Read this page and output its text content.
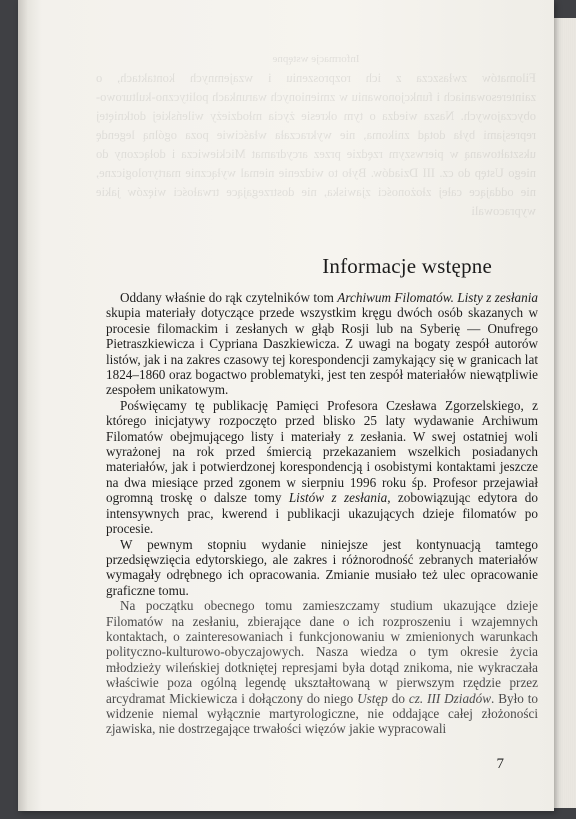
Informacje wstępne
Filomatów zwłaszcza z ich rozproszeniu i wzajemnych kontaktach, o zainteresowaniach i funkcjonowaniu w zmienionych warunkach polityczno-kulturowo-obyczajowych. Nasza wiedza o tym okresie życia młodzieży wileńskiej dotkniętej represjami była dotąd znikoma, nie wykraczała właściwie poza ogólną legendę ukształtowaną w pierwszym rzędzie przez arcydramat Mickiewicza i dołączony do niego Ustęp do cz. III Dziadów. Było to widzenie niemal wyłącznie martyrologiczne, nie oddające całej złożoności zjawiska, nie dostrzegające trwałości więzów jakie wypracowali
Informacje wstępne

Oddany właśnie do rąk czytelników tom Archiwum Filomatów. Listy z zesłania skupia materiały dotyczące przede wszystkim kręgu dwóch osób skazanych w procesie filomackim i zesłanych w głąb Rosji lub na Syberię — Onufrego Pietraszkiewicza i Cypriana Daszkiewicza. Z uwagi na bogaty zespół autorów listów, jak i na zakres czasowy tej korespondencji zamykający się w granicach lat 1824–1860 oraz bogactwo problematyki, jest ten zespół materiałów niewątpliwie zespołem unikatowym.

Poświęcamy tę publikację Pamięci Profesora Czesława Zgorzelskiego, z którego inicjatywy rozpoczęto przed blisko 25 laty wydawanie Archiwum Filomatów obejmującego listy i materiały z zesłania. W swej ostatniej woli wyrażonej na rok przed śmiercią przekazaniem wszelkich posiadanych materiałów, jak i potwierdzonej korespondencją i osobistymi kontaktami jeszcze na dwa miesiące przed zgonem w sierpniu 1996 roku śp. Profesor przejawiał ogromną troskę o dalsze tomy Listów z zesłania, zobowiązując edytora do intensywnych prac, kwerend i publikacji ukazujących dzieje filomatów po procesie.

W pewnym stopniu wydanie niniejsze jest kontynuacją tamtego przedsięwzięcia edytorskiego, ale zakres i różnorodność zebranych materiałów wymagały odrębnego ich opracowania. Zmianie musiało też ulec opracowanie graficzne tomu.

Na początku obecnego tomu zamieszczamy studium ukazujące dzieje Filomatów na zesłaniu, zbierające dane o ich rozproszeniu i wzajemnych kontaktach, o zainteresowaniach i funkcjonowaniu w zmienionych warunkach polityczno-kulturowo-obyczajowych. Nasza wiedza o tym okresie życia młodzieży wileńskiej dotkniętej represjami była dotąd znikoma, nie wykraczała właściwie poza ogólną legendę ukształtowaną w pierwszym rzędzie przez arcydramat Mickiewicza i dołączony do niego Ustęp do cz. III Dziadów. Było to widzenie niemal wyłącznie martyrologiczne, nie oddające całej złożoności zjawiska, nie dostrzegające trwałości więzów jakie wypracowali

7
